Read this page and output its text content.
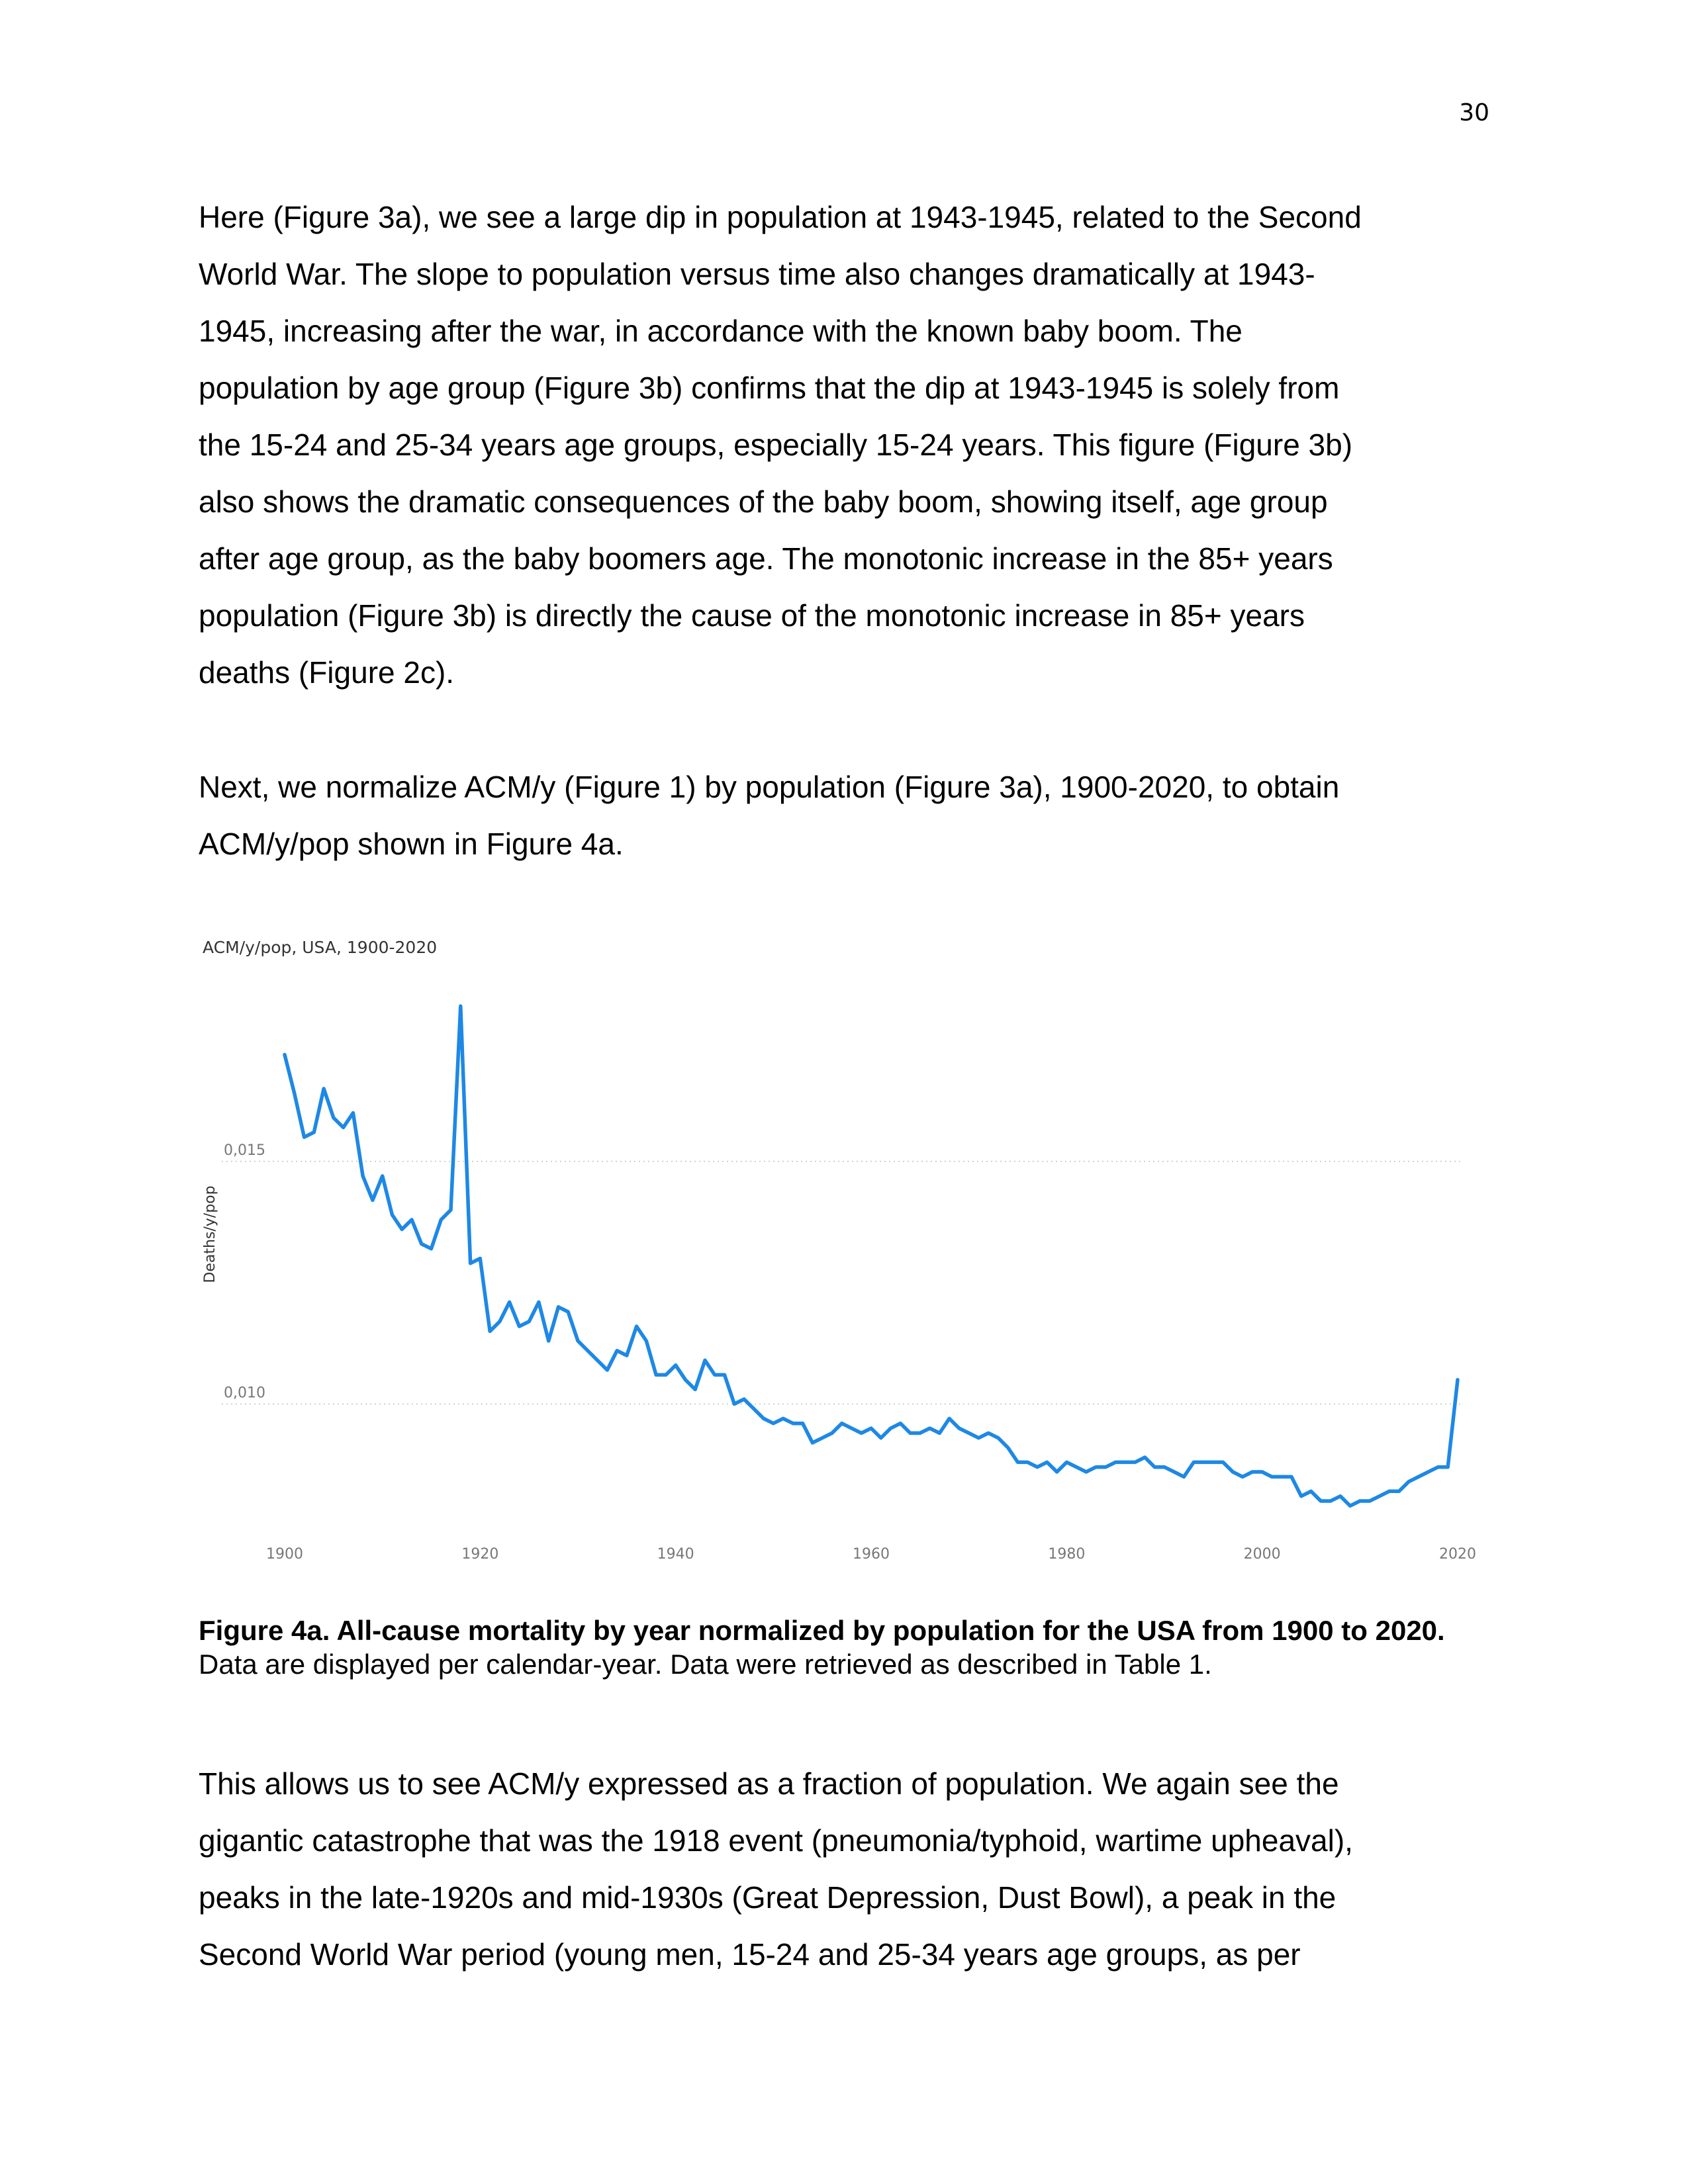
30

Here (Figure 3a), we see a large dip in population at 1943-1945, related to the Second

World War. The slope to population versus time also changes dramatically at 1943-

1945, increasing after the war, in accordance with the known baby boom. The

population by age group (Figure 3b) confirms that the dip at 1943-1945 is solely from

the 15-24 and 25-34 years age groups, especially 15-24 years. This figure (Figure 3b)

also shows the dramatic consequences of the baby boom, showing itself, age group

after age group, as the baby boomers age. The monotonic increase in the 85+ years

population (Figure 3b) is directly the cause of the monotonic increase in 85+ years

deaths (Figure 2c).

Next, we normalize ACM/y (Figure 1) by population (Figure 3a), 1900-2020, to obtain

ACM/y/pop shown in Figure 4a.

ACM/y/pop, USA, 1900-2020
Deaths/y/pop
0,015
0,010
1900	1920	1940	1960	1980	2000	2020
Figure 4a. All-cause mortality by year normalized by population for the USA from 1900 to 2020. Data are displayed per calendar-year. Data were retrieved as described in Table 1.

This allows us to see ACM/y expressed as a fraction of population. We again see the

gigantic catastrophe that was the 1918 event (pneumonia/typhoid, wartime upheaval),

peaks in the late-1920s and mid-1930s (Great Depression, Dust Bowl), a peak in the

Second World War period (young men, 15-24 and 25-34 years age groups, as per
